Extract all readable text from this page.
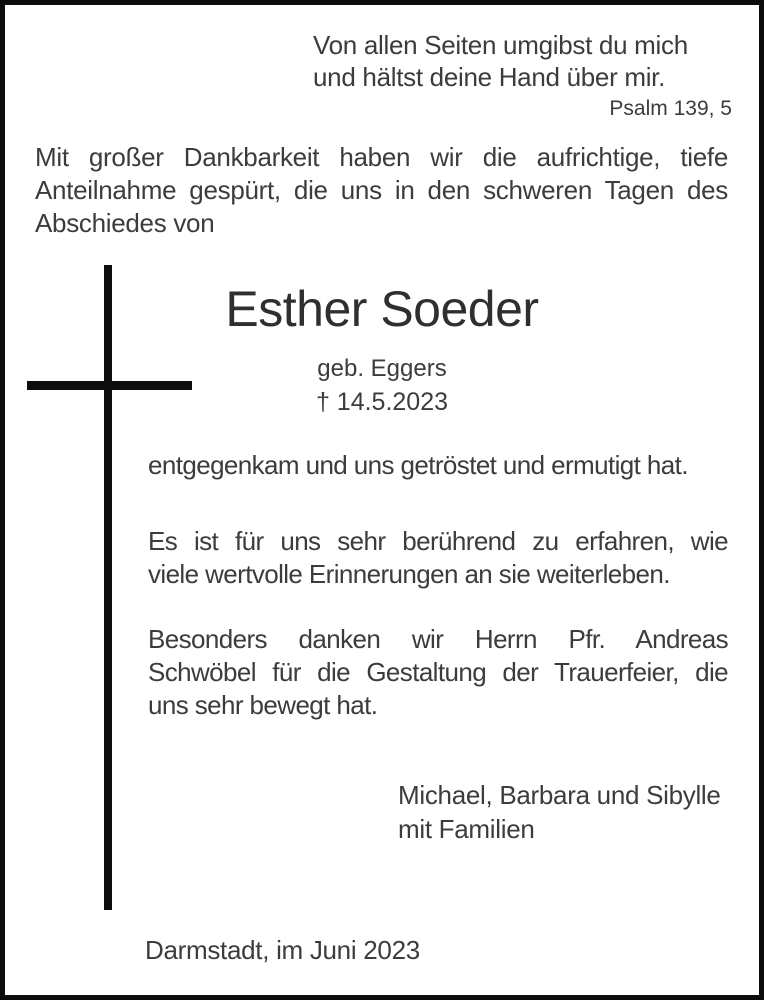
Von allen Seiten umgibst du mich
und hältst deine Hand über mir.
Psalm 139, 5
Mit großer Dankbarkeit haben wir die aufrichtige, tiefe
Anteilnahme gespürt, die uns in den schweren Tagen des
Abschiedes von
Esther Soeder
geb. Eggers
† 14.5.2023
entgegenkam und uns getröstet und ermutigt hat.
Es ist für uns sehr berührend zu erfahren, wie
viele wertvolle Erinnerungen an sie weiterleben.
Besonders danken wir Herrn Pfr. Andreas
Schwöbel für die Gestaltung der Trauerfeier, die
uns sehr bewegt hat.
Michael, Barbara und Sibylle
mit Familien
Darmstadt, im Juni 2023
